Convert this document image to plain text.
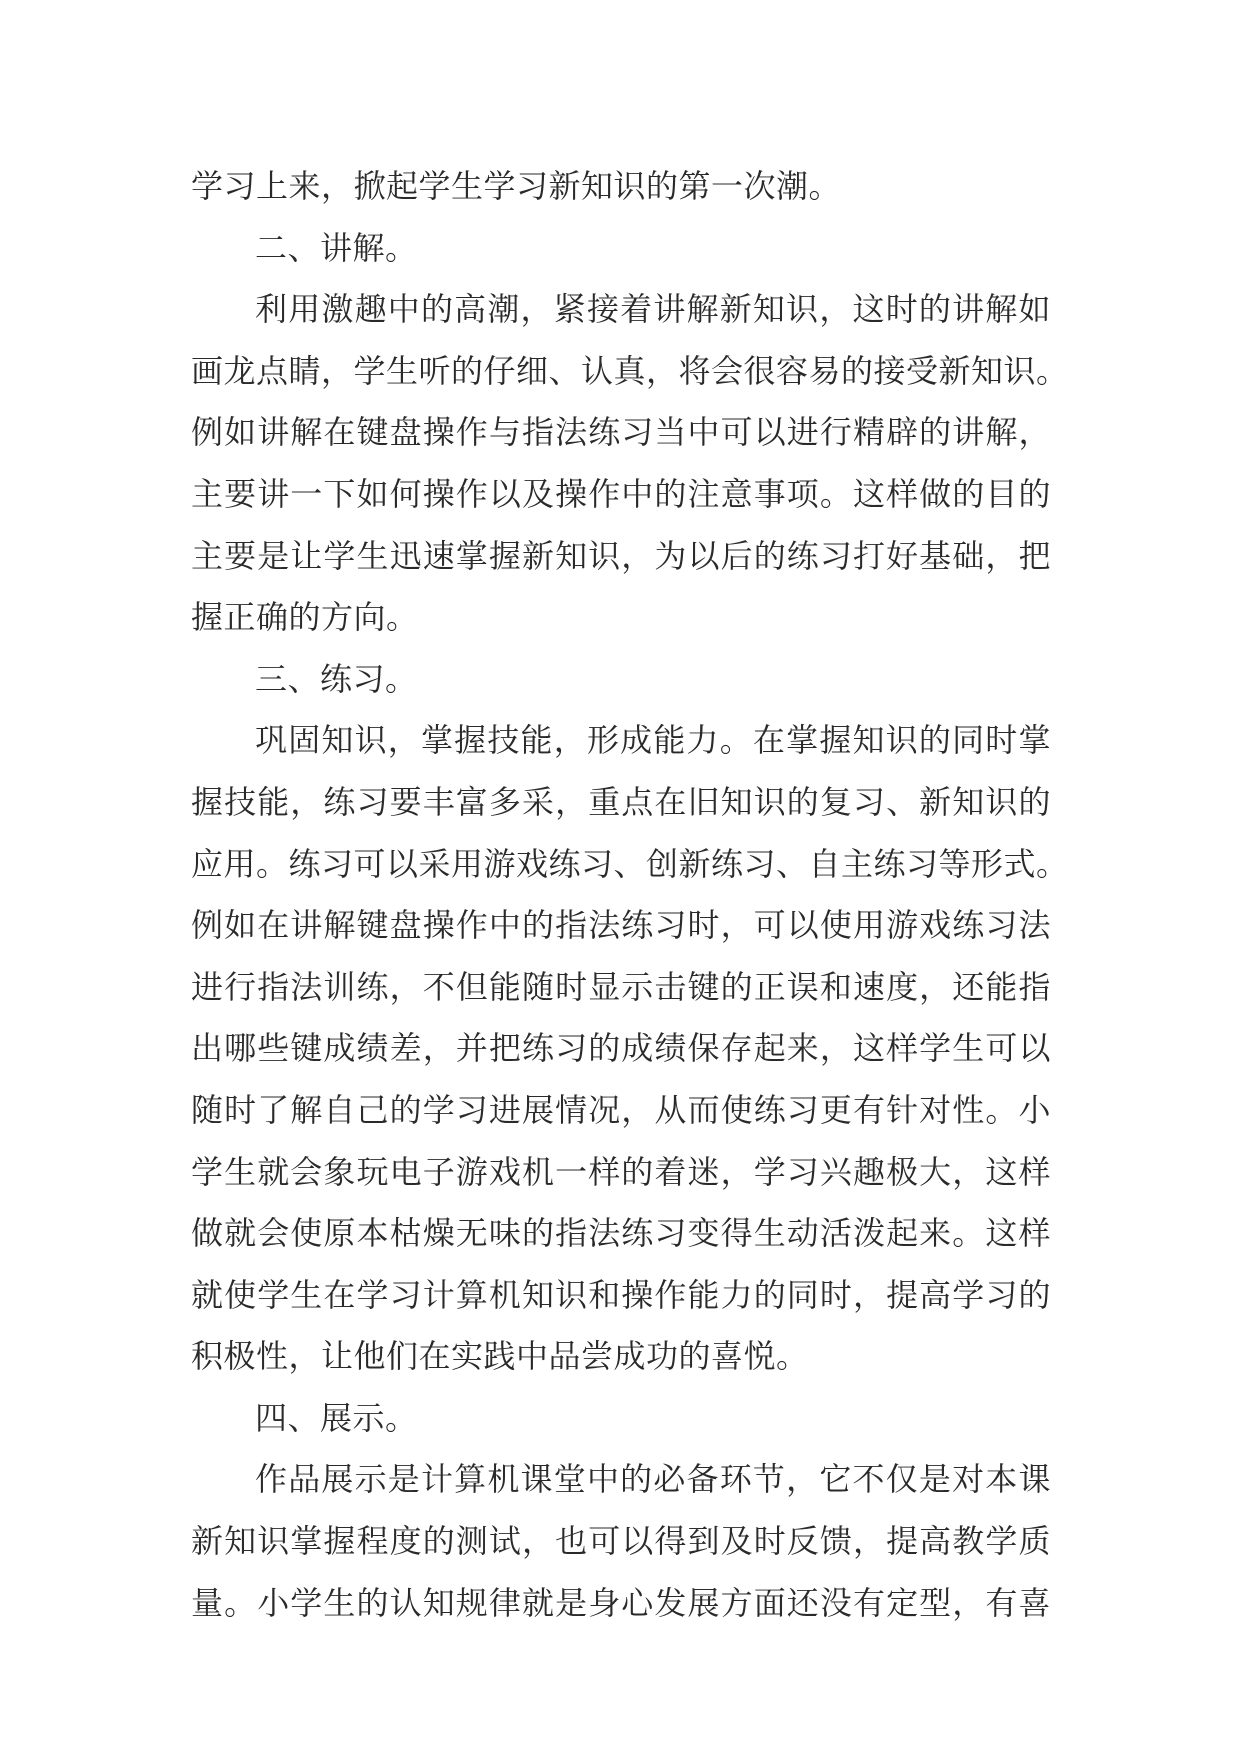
学习上来，掀起学生学习新知识的第一次潮。
二、讲解。
利用激趣中的高潮，紧接着讲解新知识，这时的讲解如
画龙点睛，学生听的仔细、认真，将会很容易的接受新知识。
例如讲解在键盘操作与指法练习当中可以进行精辟的讲解，
主要讲一下如何操作以及操作中的注意事项。这样做的目的
主要是让学生迅速掌握新知识，为以后的练习打好基础，把
握正确的方向。
三、练习。
巩固知识，掌握技能，形成能力。在掌握知识的同时掌
握技能，练习要丰富多采，重点在旧知识的复习、新知识的
应用。练习可以采用游戏练习、创新练习、自主练习等形式。
例如在讲解键盘操作中的指法练习时，可以使用游戏练习法
进行指法训练，不但能随时显示击键的正误和速度，还能指
出哪些键成绩差，并把练习的成绩保存起来，这样学生可以
随时了解自己的学习进展情况，从而使练习更有针对性。小
学生就会象玩电子游戏机一样的着迷，学习兴趣极大，这样
做就会使原本枯燥无味的指法练习变得生动活泼起来。这样
就使学生在学习计算机知识和操作能力的同时，提高学习的
积极性，让他们在实践中品尝成功的喜悦。
四、展示。
作品展示是计算机课堂中的必备环节，它不仅是对本课
新知识掌握程度的测试，也可以得到及时反馈，提高教学质
量。小学生的认知规律就是身心发展方面还没有定型，有喜
